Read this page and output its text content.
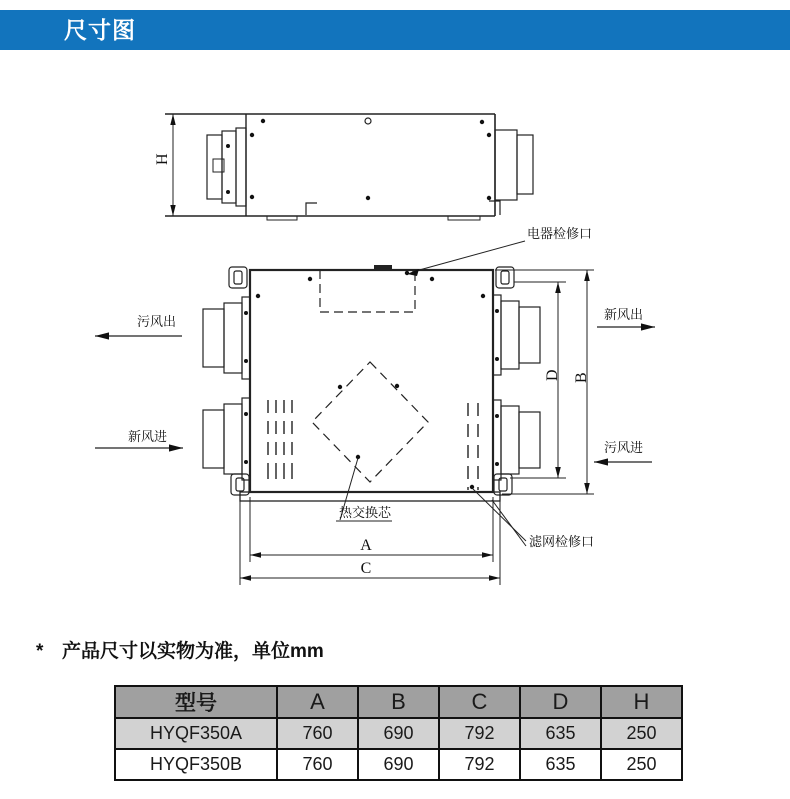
尺寸图
H
电器检修口
热交换芯
滤网检修口
A
C
B
D
污风出
新风进
新风出
污风进
* 产品尺寸以实物为准，单位mm
型号	A	B	C	D	H
HYQF350A	760	690	792	635	250
HYQF350B	760	690	792	635	250
